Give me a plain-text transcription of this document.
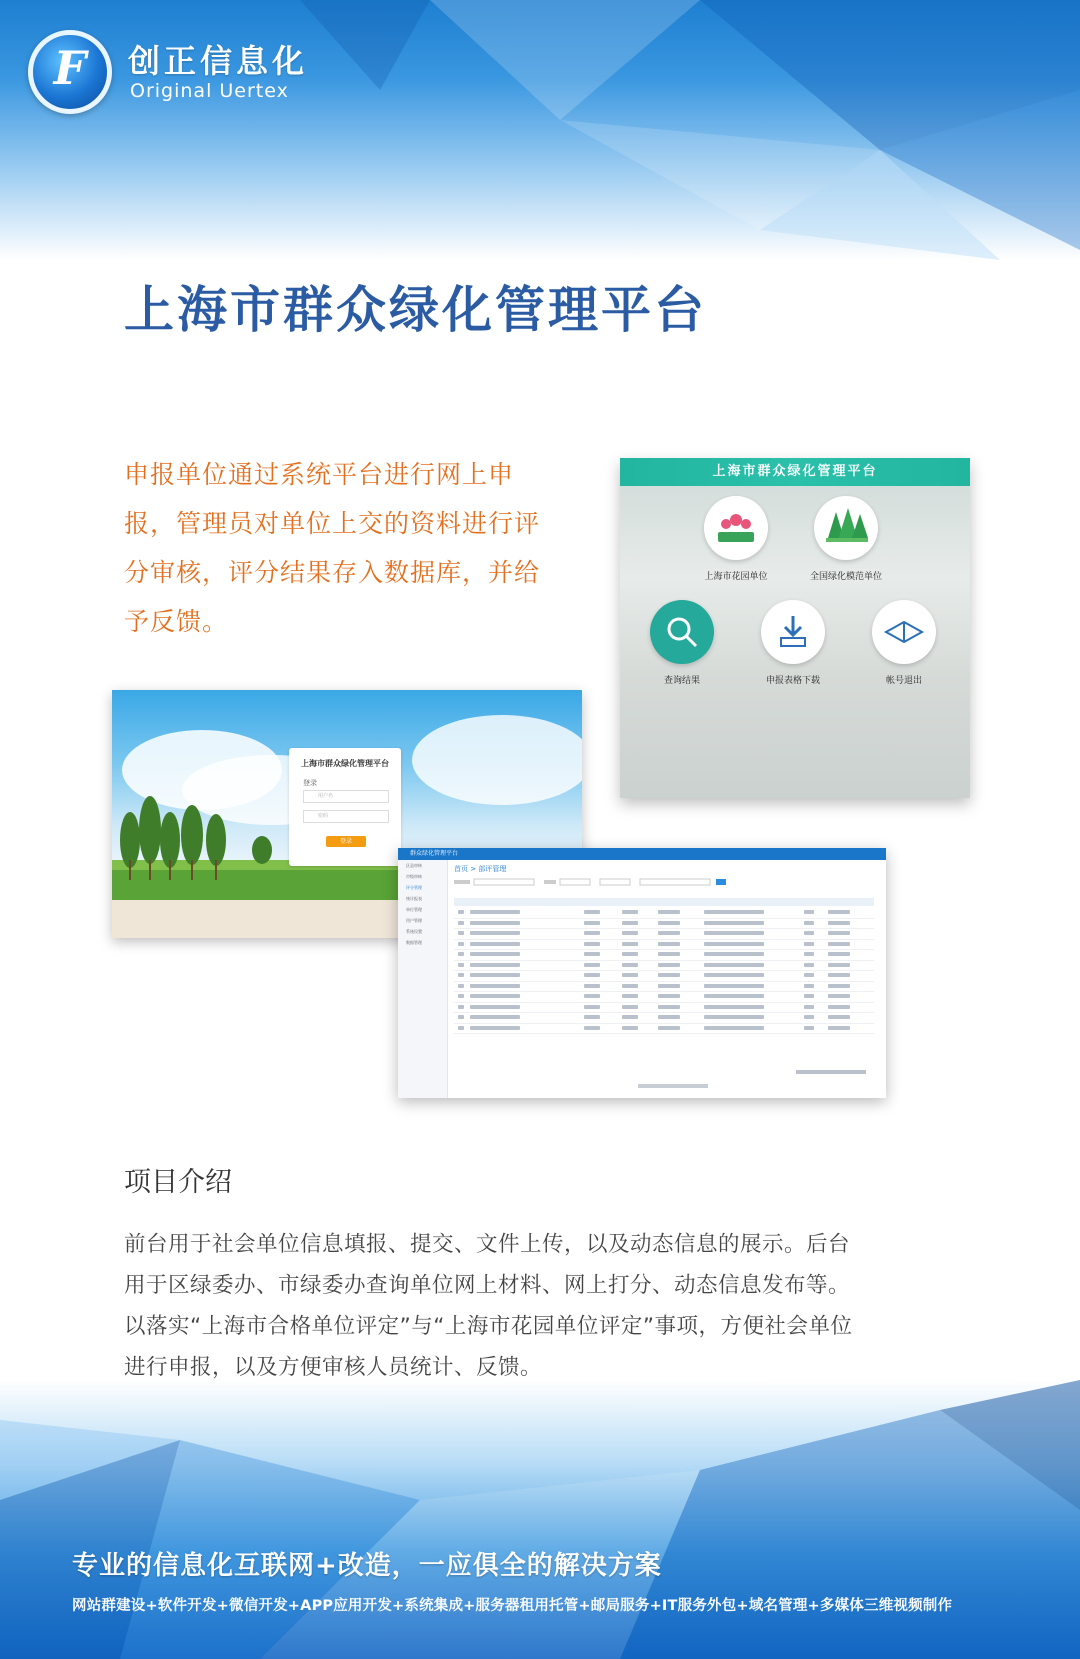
F	创正信息化
Original Uertex
上海市群众绿化管理平台
申报单位通过系统平台进行网上申报，管理员对单位上交的资料进行评分审核，评分结果存入数据库，并给予反馈。
上海市群众绿化管理平台
上海市花园单位	全国绿化模范单位
查询结果	申报表格下载	帐号退出
上海市群众绿化管理平台
登录
用户名
密码
登录
群众绿化管理平台
区县审核
市级审核
评分管理
统计报表
单位管理
用户管理
系统设置
数据管理
首页 > 部评管理
项目介绍
前台用于社会单位信息填报、提交、文件上传，以及动态信息的展示。后台用于区绿委办、市绿委办查询单位网上材料、网上打分、动态信息发布等。以落实“上海市合格单位评定”与“上海市花园单位评定”事项，方便社会单位进行申报，以及方便审核人员统计、反馈。
专业的信息化互联网+改造，一应俱全的解决方案
网站群建设+软件开发+微信开发+APP应用开发+系统集成+服务器租用托管+邮局服务+IT服务外包+域名管理+多媒体三维视频制作
